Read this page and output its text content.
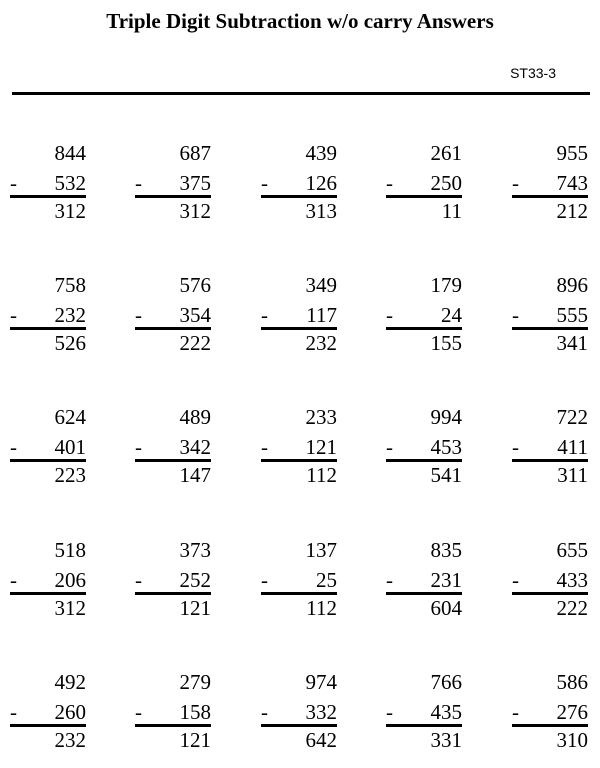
Triple Digit Subtraction w/o carry Answers
ST33-3
844
- 532
312
687
- 375
312
439
- 126
313
261
- 250
11
955
- 743
212
758
- 232
526
576
- 354
222
349
- 117
232
179
- 24
155
896
- 555
341
624
- 401
223
489
- 342
147
233
- 121
112
994
- 453
541
722
- 411
311
518
- 206
312
373
- 252
121
137
- 25
112
835
- 231
604
655
- 433
222
492
- 260
232
279
- 158
121
974
- 332
642
766
- 435
331
586
- 276
310
